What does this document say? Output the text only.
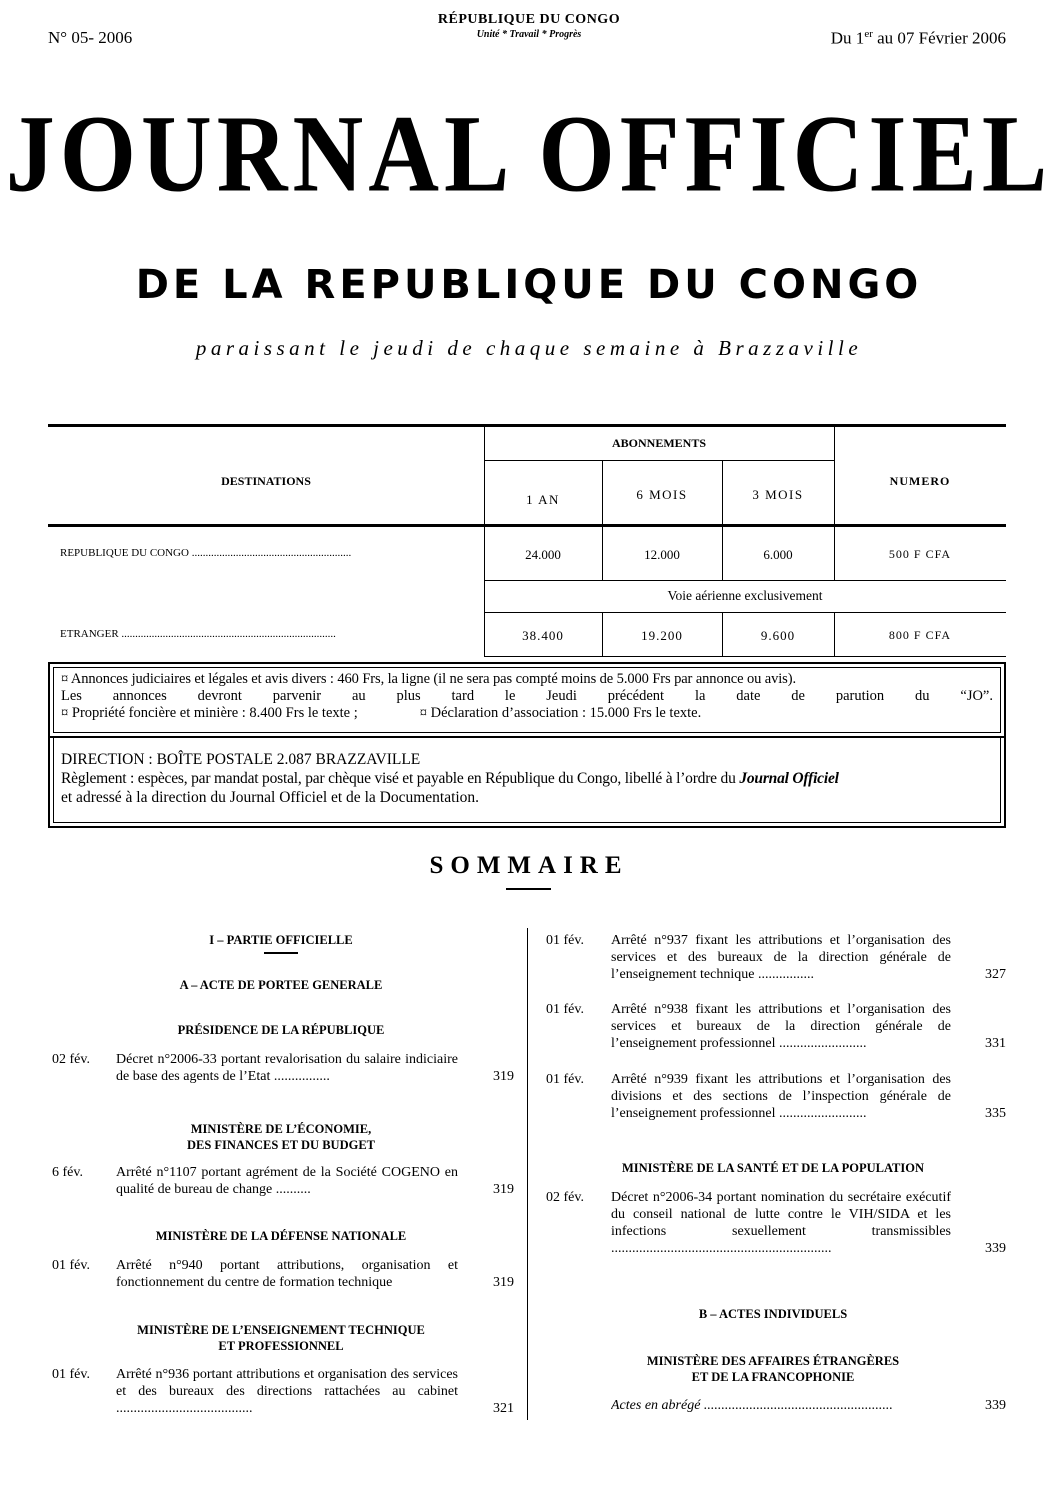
N° 05- 2006
RÉPUBLIQUE DU CONGO
Unité * Travail * Progrès	Du 1er au 07 Février 2006
JOURNAL OFFICIEL
DE LA REPUBLIQUE DU CONGO
paraissant le jeudi de chaque semaine à Brazzaville
DESTINATIONS
ABONNEMENTS
NUMERO
1 AN	6 MOIS	3 MOIS
REPUBLIQUE DU CONGO ..........................................................	24.000	12.000	6.000	500 F CFA
Voie aérienne exclusivement
ETRANGER ..............................................................................	38.400	19.200	9.600	800 F CFA
¤ Annonces judiciaires et légales et avis divers : 460 Frs, la ligne (il ne sera pas compté moins de 5.000 Frs par annonce ou avis).
Les annonces devront parvenir au plus tard le Jeudi précédent la date de parution du “JO”.
¤ Propriété foncière et minière : 8.400 Frs le texte ;	¤ Déclaration d’association : 15.000 Frs le texte.
DIRECTION : BOÎTE POSTALE 2.087 BRAZZAVILLE
Règlement : espèces, par mandat postal, par chèque visé et payable en République du Congo, libellé à l’ordre du Journal Officiel
et adressé à la direction du Journal Officiel et de la Documentation.
SOMMAIRE
I – PARTIE OFFICIELLE
A – ACTE DE PORTEE GENERALE
PRÉSIDENCE DE LA RÉPUBLIQUE
02 fév. Décret n°2006-33 portant revalorisation du salaire indiciaire de base des agents de l’Etat ................	319
MINISTÈRE DE L’ÉCONOMIE,
DES FINANCES ET DU BUDGET
6 fév. Arrêté n°1107 portant agrément de la Société COGENO en qualité de bureau de change ..........	319
MINISTÈRE DE LA DÉFENSE NATIONALE
01 fév. Arrêté n°940 portant attributions, organisation et fonctionnement du centre de formation technique	319
MINISTÈRE DE L’ENSEIGNEMENT TECHNIQUE
ET PROFESSIONNEL
01 fév. Arrêté n°936 portant attributions et organisation des services et des bureaux des directions rattachées au cabinet .......................................	321
01 fév. Arrêté n°937 fixant les attributions et l’organisation des services et des bureaux de la direction générale de l’enseignement technique ................	327
01 fév. Arrêté n°938 fixant les attributions et l’organisation des services et bureaux de la direction générale de l’enseignement professionnel .........................	331
01 fév. Arrêté n°939 fixant les attributions et l’organisation des divisions et des sections de l’inspection générale de l’enseignement professionnel .........................	335
MINISTÈRE DE LA SANTÉ ET DE LA POPULATION
02 fév. Décret n°2006-34 portant nomination du secrétaire exécutif du conseil national de lutte contre le VIH/SIDA et les infections sexuellement transmissibles ...............................................................	339
B – ACTES INDIVIDUELS
MINISTÈRE DES AFFAIRES ÉTRANGÈRES
ET DE LA FRANCOPHONIE
Actes en abrégé ......................................................	339
